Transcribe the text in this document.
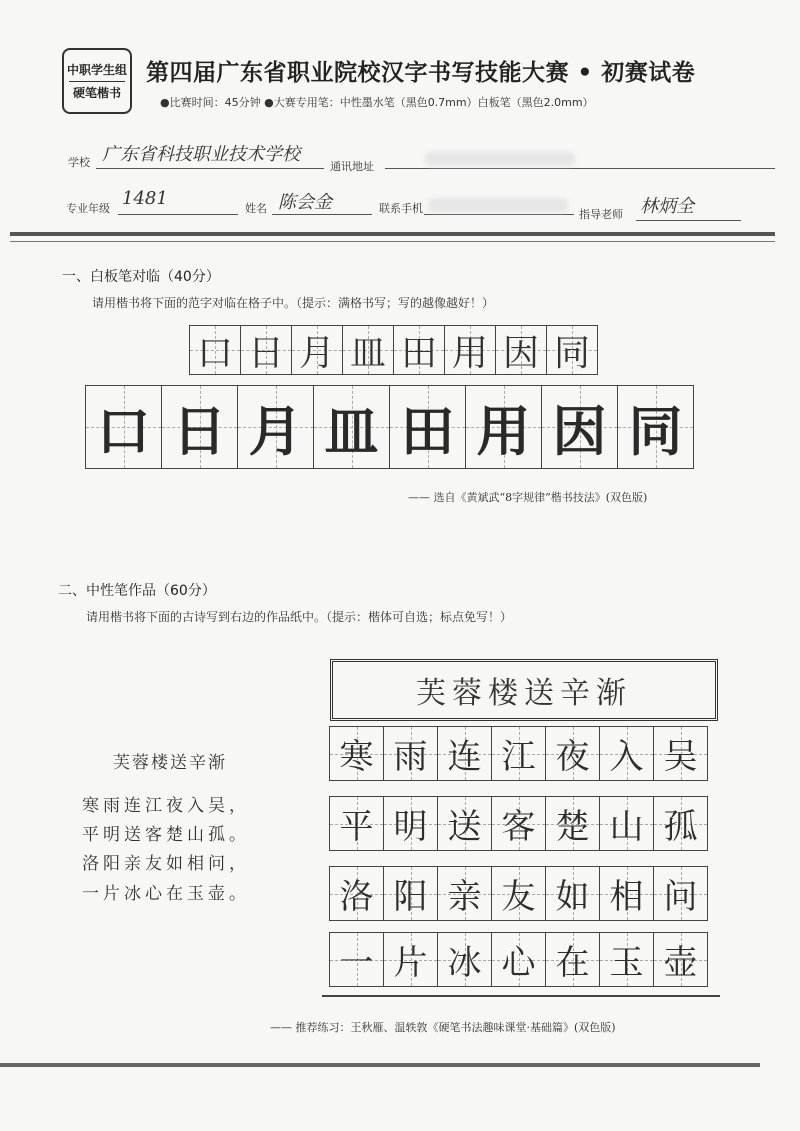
中职学生组
硬笔楷书
第四届广东省职业院校汉字书写技能大赛 • 初赛试卷
●比赛时间：45分钟 ●大赛专用笔：中性墨水笔（黑色0.7mm）白板笔（黑色2.0mm）
学校 广东省科技职业技术学校
通讯地址
专业年级 1481	姓名 陈会金	联系手机	指导老师 林炳全
一、白板笔对临（40分）
请用楷书将下面的范字对临在格子中。（提示：满格书写；写的越像越好！）
口 日 月 皿 田 用 因 同
口 日 月 皿 田 用 因 同
—— 选自《黄斌武“8字规律”楷书技法》(双色版)
二、中性笔作品（60分）
请用楷书将下面的古诗写到右边的作品纸中。（提示：楷体可自选；标点免写！）
芙蓉楼送辛渐
寒雨连江夜入吴，
平明送客楚山孤。
洛阳亲友如相问，
一片冰心在玉壶。
芙蓉楼送辛渐
寒 雨 连 江 夜 入 吴
平 明 送 客 楚 山 孤
洛 阳 亲 友 如 相 问
一 片 冰 心 在 玉 壶
—— 推荐练习：王秋雁、温轶敦《硬笔书法趣味课堂·基础篇》(双色版)
